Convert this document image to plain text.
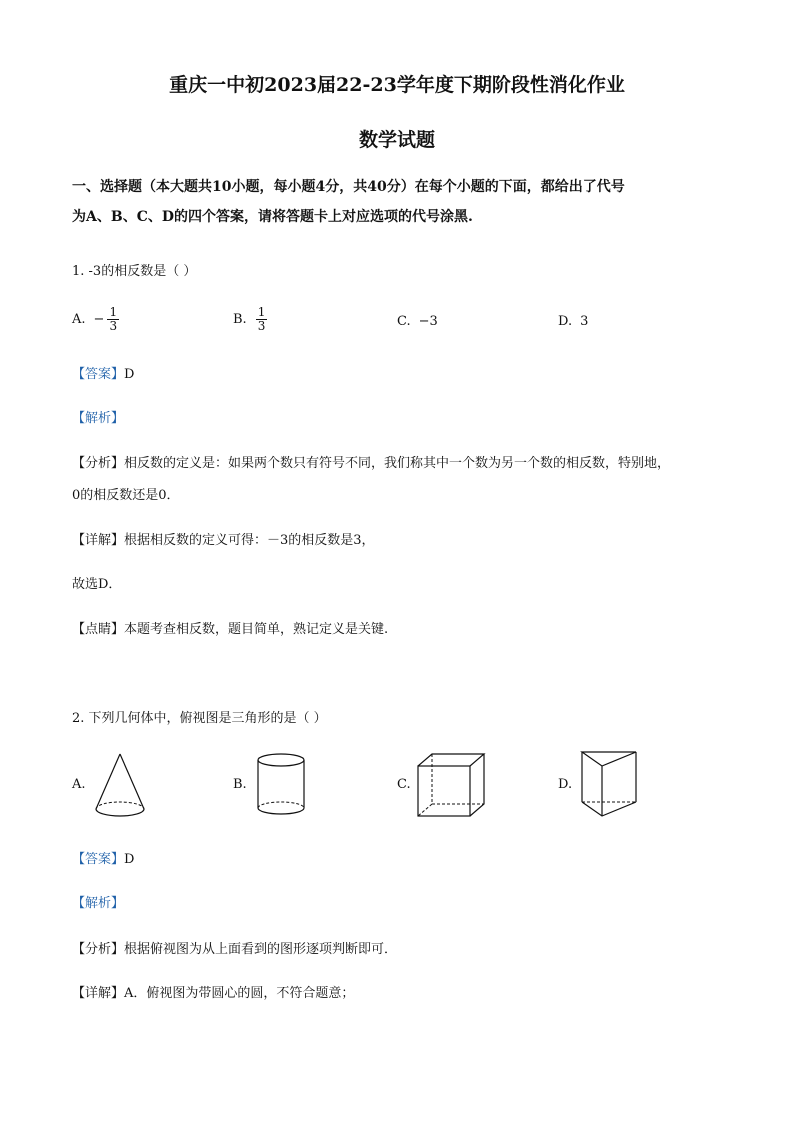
重庆一中初2023届22-23学年度下期阶段性消化作业
数学试题
一、选择题（本大题共10小题，每小题4分，共40分）在每个小题的下面，都给出了代号
为A、B、C、D的四个答案，请将答题卡上对应选项的代号涂黑.
1. -3的相反数是（ ）
A. − $\frac{1}{3}$	B. $\frac{1}{3}$	C. −3	D. 3
【答案】D
【解析】
【分析】相反数的定义是：如果两个数只有符号不同，我们称其中一个数为另一个数的相反数，特别地，
0的相反数还是0．
【详解】根据相反数的定义可得：－3的相反数是3，
故选D．
【点睛】本题考查相反数，题目简单，熟记定义是关键.
2. 下列几何体中，俯视图是三角形的是（ ）
A.	B.	C.	D.
【答案】D
【解析】
【分析】根据俯视图为从上面看到的图形逐项判断即可．
【详解】A．俯视图为带圆心的圆，不符合题意；
